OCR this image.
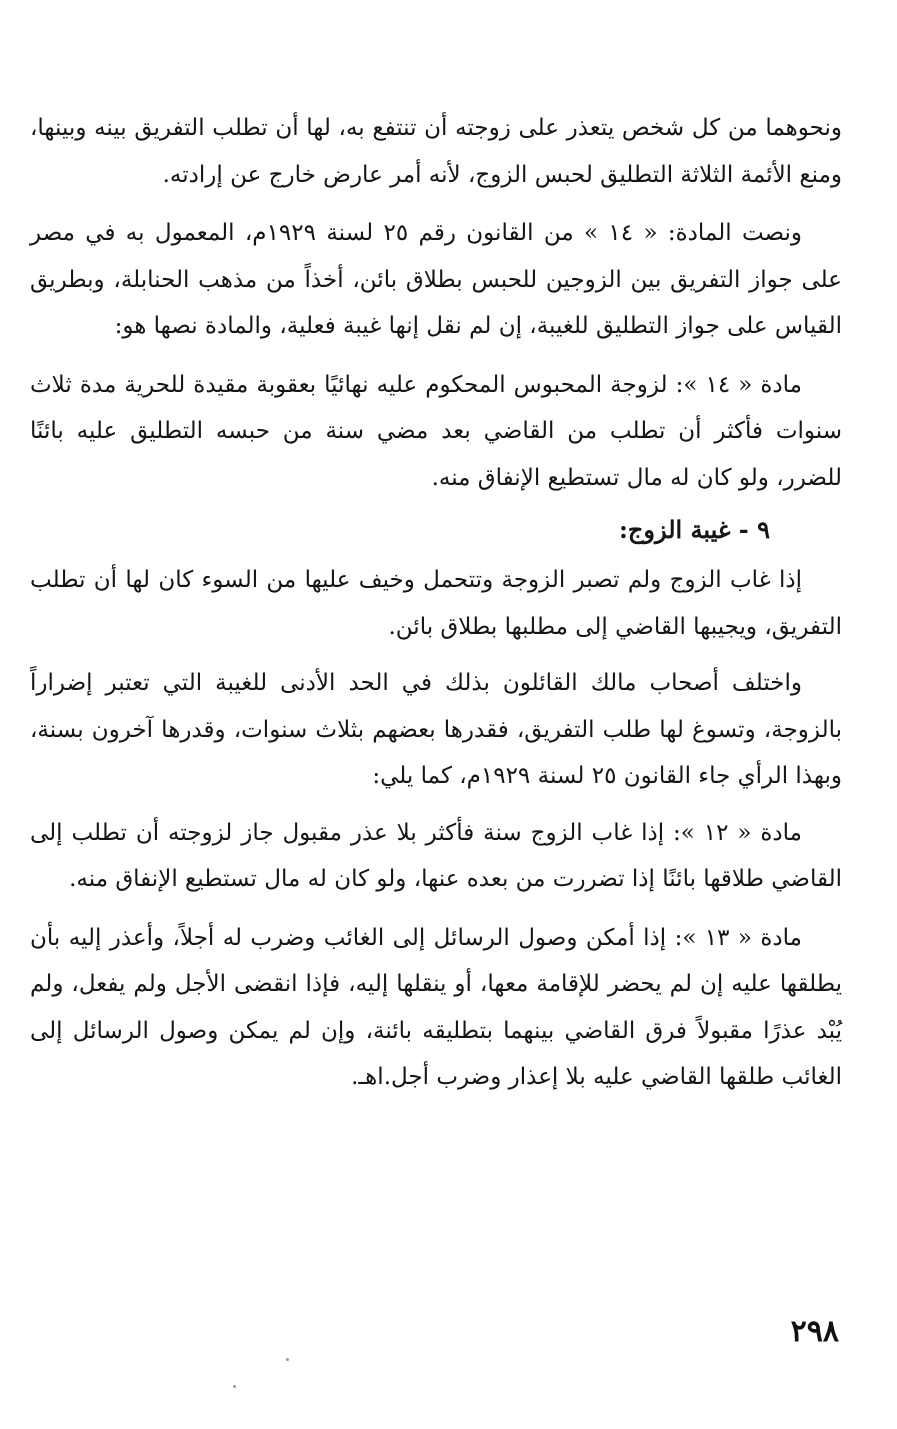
ونحوهما من كل شخص يتعذر على زوجته أن تنتفع به، لها أن تطلب التفريق بينه وبينها، ومنع الأئمة الثلاثة التطليق لحبس الزوج، لأنه أمر عارض خارج عن إرادته.

ونصت المادة: « ١٤ » من القانون رقم ٢٥ لسنة ١٩٢٩م، المعمول به في مصر على جواز التفريق بين الزوجين للحبس بطلاق بائن، أخذاً من مذهب الحنابلة، وبطريق القياس على جواز التطليق للغيبة، إن لم نقل إنها غيبة فعلية، والمادة نصها هو:

مادة « ١٤ »: لزوجة المحبوس المحكوم عليه نهائيًا بعقوبة مقيدة للحرية مدة ثلاث سنوات فأكثر أن تطلب من القاضي بعد مضي سنة من حبسه التطليق عليه بائنًا للضرر، ولو كان له مال تستطيع الإنفاق منه.

٩ - غيبة الزوج:

إذا غاب الزوج ولم تصبر الزوجة وتتحمل وخيف عليها من السوء كان لها أن تطلب التفريق، ويجيبها القاضي إلى مطلبها بطلاق بائن.

واختلف أصحاب مالك القائلون بذلك في الحد الأدنى للغيبة التي تعتبر إضراراً بالزوجة، وتسوغ لها طلب التفريق، فقدرها بعضهم بثلاث سنوات، وقدرها آخرون بسنة، وبهذا الرأي جاء القانون ٢٥ لسنة ١٩٢٩م، كما يلي:

مادة « ١٢ »: إذا غاب الزوج سنة فأكثر بلا عذر مقبول جاز لزوجته أن تطلب إلى القاضي طلاقها بائنًا إذا تضررت من بعده عنها، ولو كان له مال تستطيع الإنفاق منه.

مادة « ١٣ »: إذا أمكن وصول الرسائل إلى الغائب وضرب له أجلاً، وأعذر إليه بأن يطلقها عليه إن لم يحضر للإقامة معها، أو ينقلها إليه، فإذا انقضى الأجل ولم يفعل، ولم يُبْد عذرًا مقبولاً فرق القاضي بينهما بتطليقه بائنة، وإن لم يمكن وصول الرسائل إلى الغائب طلقها القاضي عليه بلا إعذار وضرب أجل.اهـ.

٢٩٨
